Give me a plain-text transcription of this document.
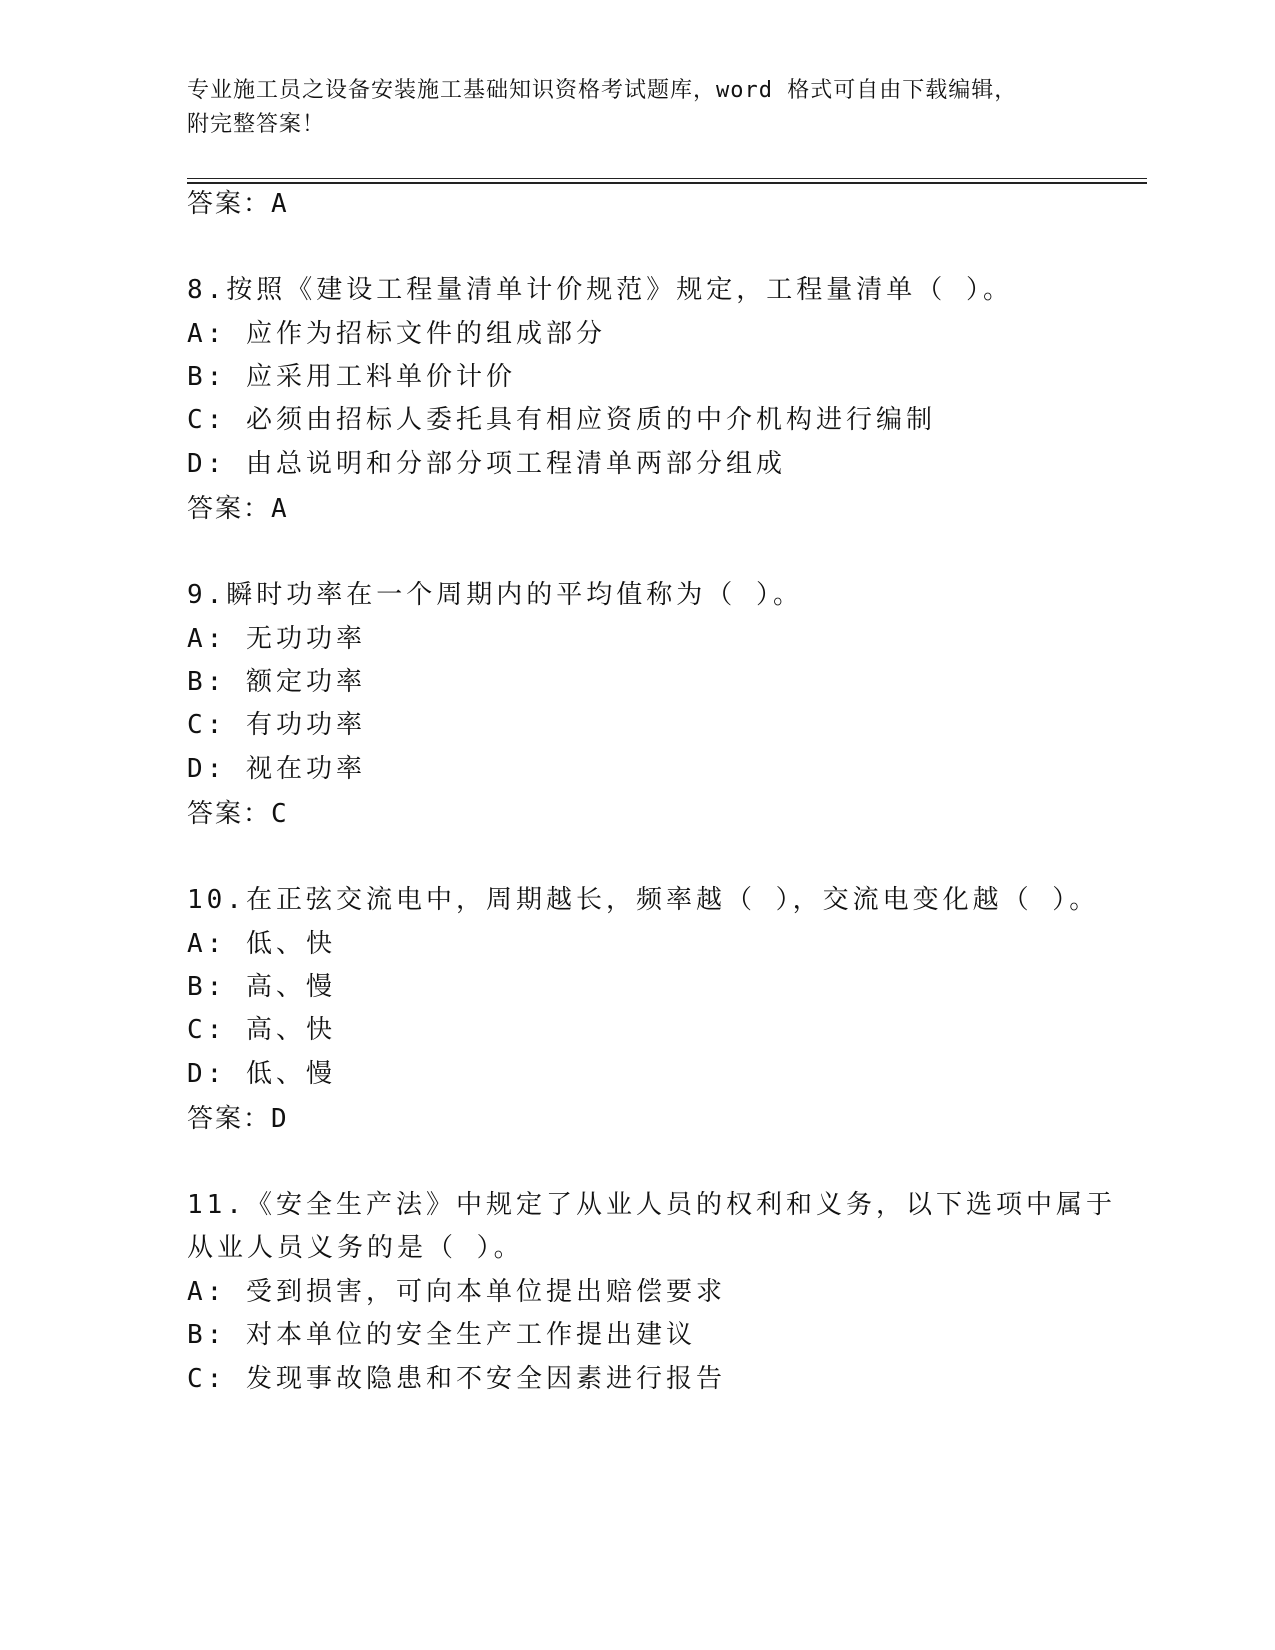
专业施工员之设备安装施工基础知识资格考试题库，word 格式可自由下载编辑，
附完整答案！
答案：A
8.按照《建设工程量清单计价规范》规定，工程量清单（ ）。
A: 应作为招标文件的组成部分
B: 应采用工料单价计价
C: 必须由招标人委托具有相应资质的中介机构进行编制
D: 由总说明和分部分项工程清单两部分组成
答案：A
9.瞬时功率在一个周期内的平均值称为（ ）。
A: 无功功率
B: 额定功率
C: 有功功率
D: 视在功率
答案：C
10.在正弦交流电中，周期越长，频率越（ ），交流电变化越（ ）。
A: 低、快
B: 高、慢
C: 高、快
D: 低、慢
答案：D
11.《安全生产法》中规定了从业人员的权利和义务，以下选项中属于
从业人员义务的是（ ）。
A: 受到损害，可向本单位提出赔偿要求
B: 对本单位的安全生产工作提出建议
C: 发现事故隐患和不安全因素进行报告
